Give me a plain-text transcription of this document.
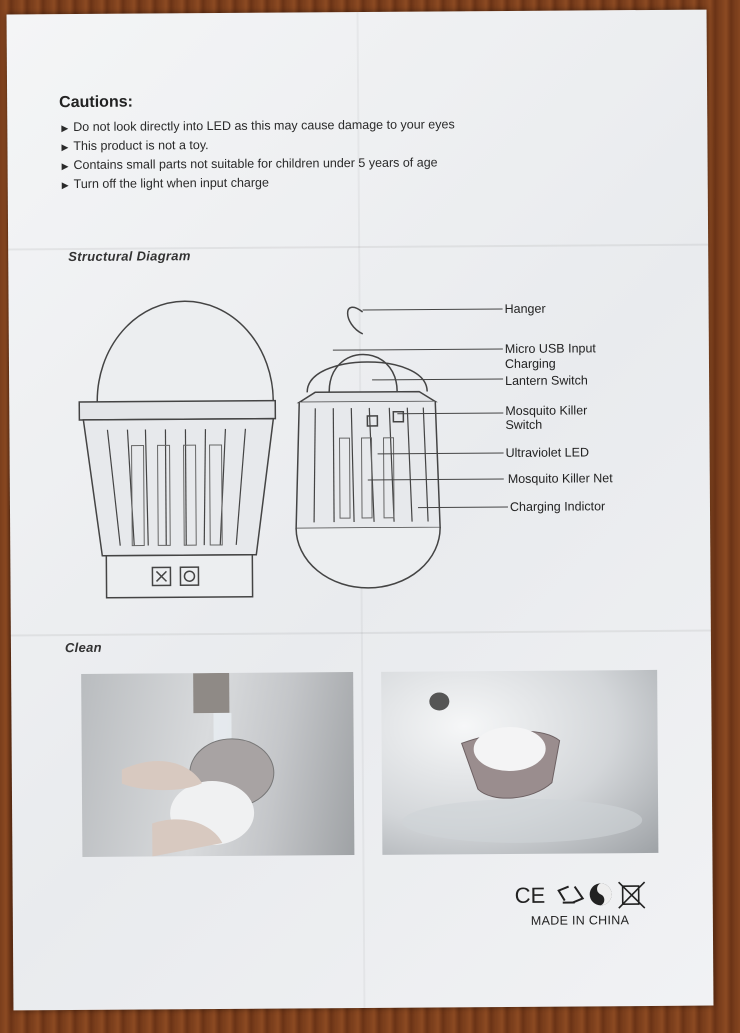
Cautions:
▶ Do not look directly into LED as this may cause damage to your eyes
▶ This product is not a toy.
▶ Contains small parts not suitable for children under 5 years of age
▶ Turn off the light when input charge
Structural Diagram
Hanger
Micro USB Input
Charging
Lantern Switch
Mosquito Killer
Switch
Ultraviolet LED
Mosquito Killer Net
Charging Indictor
Clean
CE
MADE IN CHINA
